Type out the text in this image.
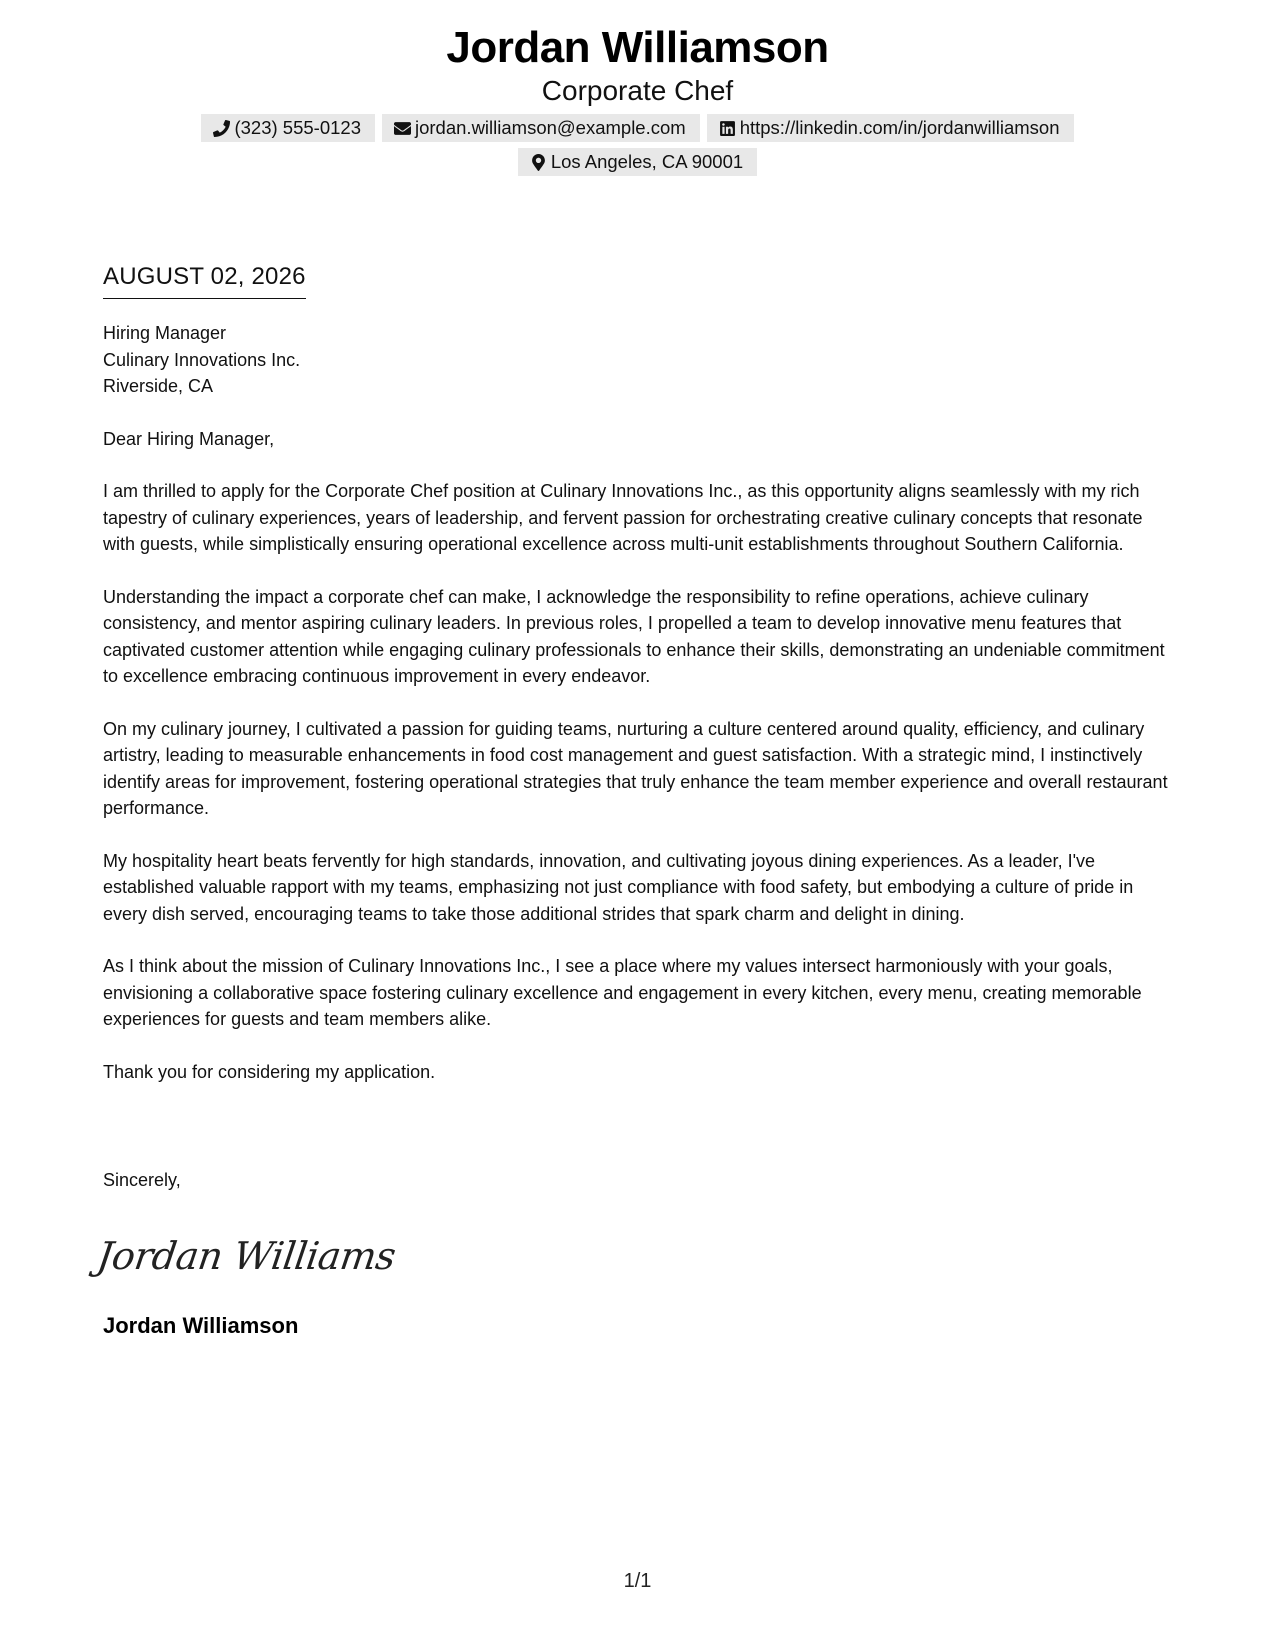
Jordan Williamson
Corporate Chef
(323) 555-0123	jordan.williamson@example.com	https://linkedin.com/in/jordanwilliamson
Los Angeles, CA 90001
AUGUST 02, 2026
Hiring Manager
Culinary Innovations Inc.
Riverside, CA

Dear Hiring Manager,

I am thrilled to apply for the Corporate Chef position at Culinary Innovations Inc., as this opportunity aligns seamlessly with my rich tapestry of culinary experiences, years of leadership, and fervent passion for orchestrating creative culinary concepts that resonate with guests, while simplistically ensuring operational excellence across multi-unit establishments throughout Southern California.

Understanding the impact a corporate chef can make, I acknowledge the responsibility to refine operations, achieve culinary consistency, and mentor aspiring culinary leaders. In previous roles, I propelled a team to develop innovative menu features that captivated customer attention while engaging culinary professionals to enhance their skills, demonstrating an undeniable commitment to excellence embracing continuous improvement in every endeavor.

On my culinary journey, I cultivated a passion for guiding teams, nurturing a culture centered around quality, efficiency, and culinary artistry, leading to measurable enhancements in food cost management and guest satisfaction. With a strategic mind, I instinctively identify areas for improvement, fostering operational strategies that truly enhance the team member experience and overall restaurant performance.

My hospitality heart beats fervently for high standards, innovation, and cultivating joyous dining experiences. As a leader, I've established valuable rapport with my teams, emphasizing not just compliance with food safety, but embodying a culture of pride in every dish served, encouraging teams to take those additional strides that spark charm and delight in dining.

As I think about the mission of Culinary Innovations Inc., I see a place where my values intersect harmoniously with your goals, envisioning a collaborative space fostering culinary excellence and engagement in every kitchen, every menu, creating memorable experiences for guests and team members alike.

Thank you for considering my application.

Sincerely,
Jordan Williams
Jordan Williamson
1/1
